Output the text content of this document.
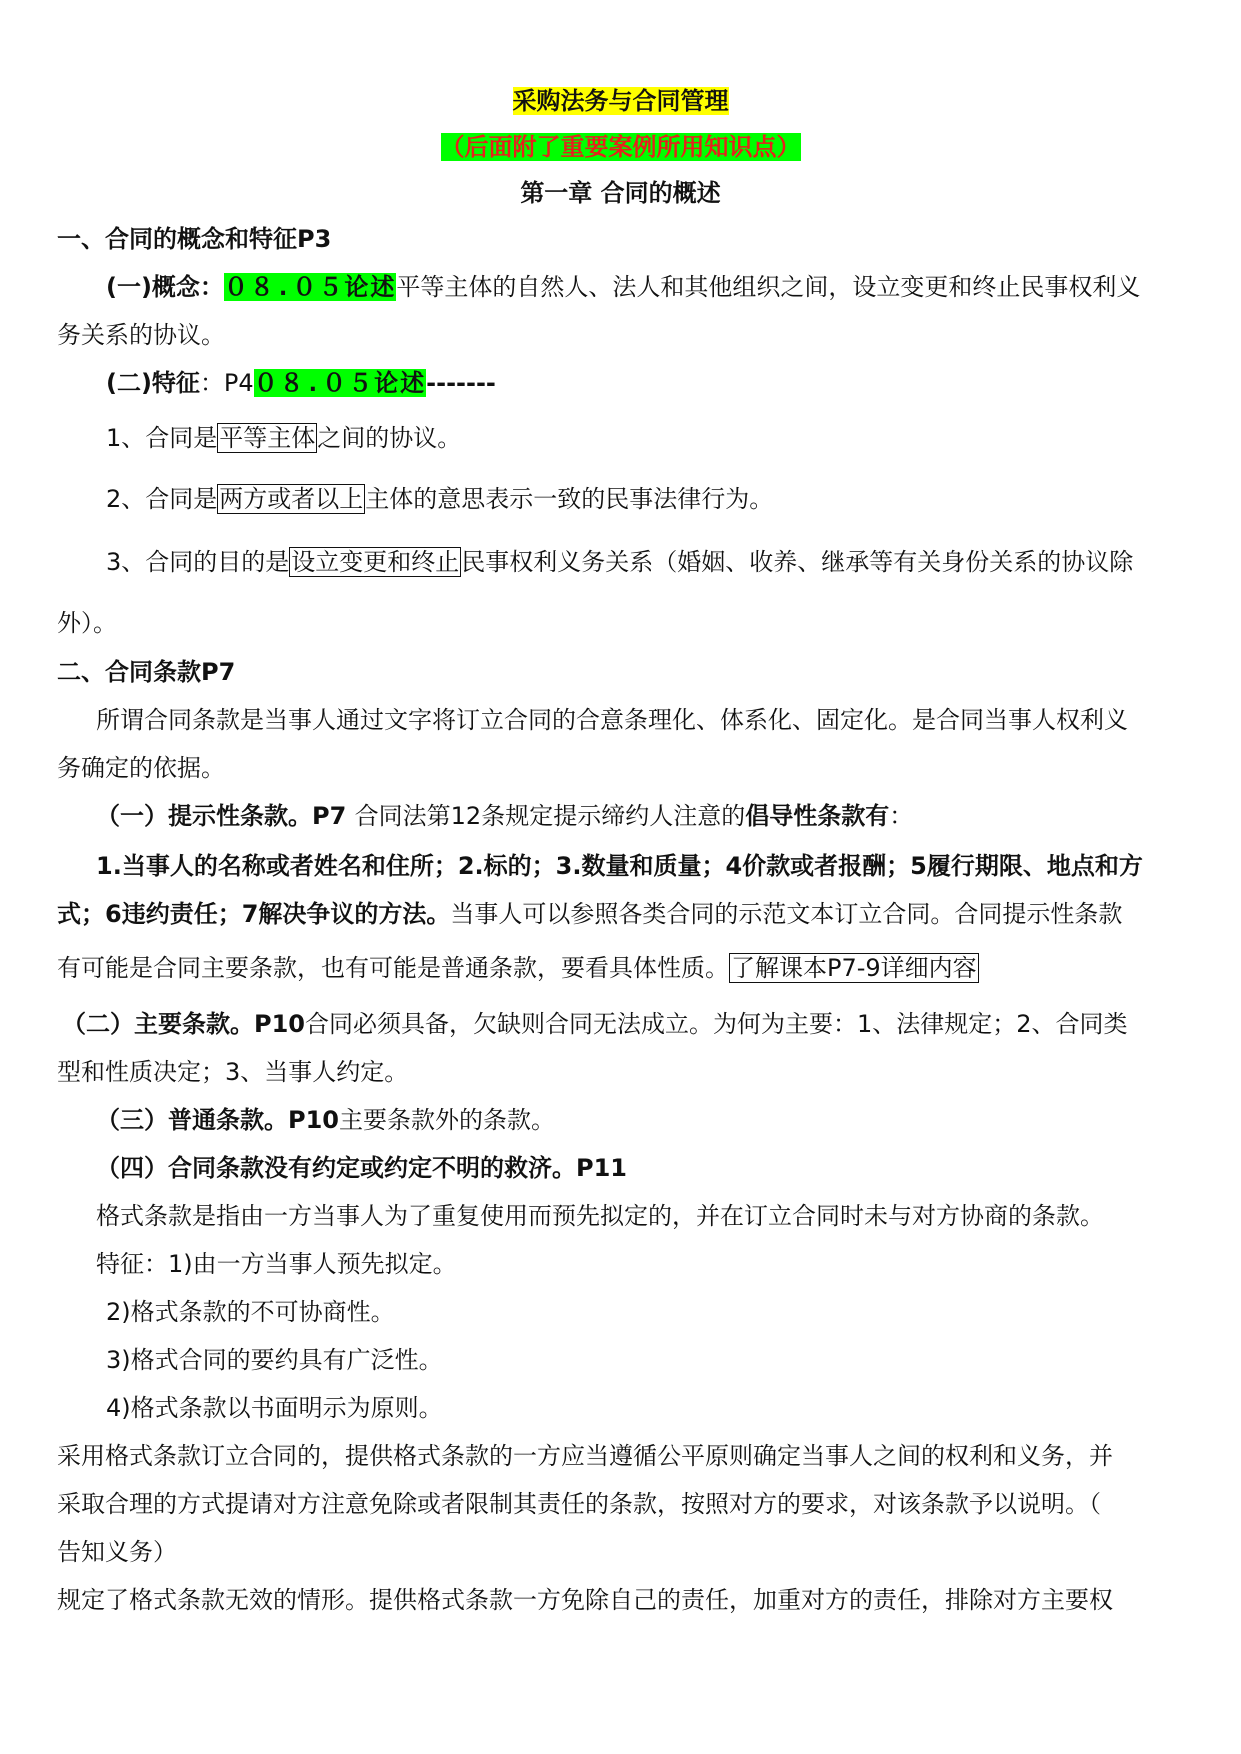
采购法务与合同管理
（后面附了重要案例所用知识点）
第一章 合同的概述
一、合同的概念和特征P3
(一)概念：０８.０５论述平等主体的自然人、法人和其他组织之间，设立变更和终止民事权利义
务关系的协议。
(二)特征：P4０８.０５论述-------
1、合同是平等主体之间的协议。
2、合同是两方或者以上主体的意思表示一致的民事法律行为。
3、合同的目的是设立变更和终止民事权利义务关系（婚姻、收养、继承等有关身份关系的协议除
外）。
二、合同条款P7
所谓合同条款是当事人通过文字将订立合同的合意条理化、体系化、固定化。是合同当事人权利义
务确定的依据。
（一）提示性条款。P7 合同法第12条规定提示缔约人注意的倡导性条款有：
1.当事人的名称或者姓名和住所；2.标的；3.数量和质量；4价款或者报酬；5履行期限、地点和方
式；6违约责任；7解决争议的方法。当事人可以参照各类合同的示范文本订立合同。合同提示性条款
有可能是合同主要条款，也有可能是普通条款，要看具体性质。了解课本P7-9详细内容
（二）主要条款。P10合同必须具备，欠缺则合同无法成立。为何为主要：1、法律规定；2、合同类
型和性质决定；3、当事人约定。
（三）普通条款。P10主要条款外的条款。
（四）合同条款没有约定或约定不明的救济。P11
格式条款是指由一方当事人为了重复使用而预先拟定的，并在订立合同时未与对方协商的条款。
特征：1)由一方当事人预先拟定。
2)格式条款的不可协商性。
3)格式合同的要约具有广泛性。
4)格式条款以书面明示为原则。
采用格式条款订立合同的，提供格式条款的一方应当遵循公平原则确定当事人之间的权利和义务，并
采取合理的方式提请对方注意免除或者限制其责任的条款，按照对方的要求，对该条款予以说明。（
告知义务）
规定了格式条款无效的情形。提供格式条款一方免除自己的责任，加重对方的责任，排除对方主要权
